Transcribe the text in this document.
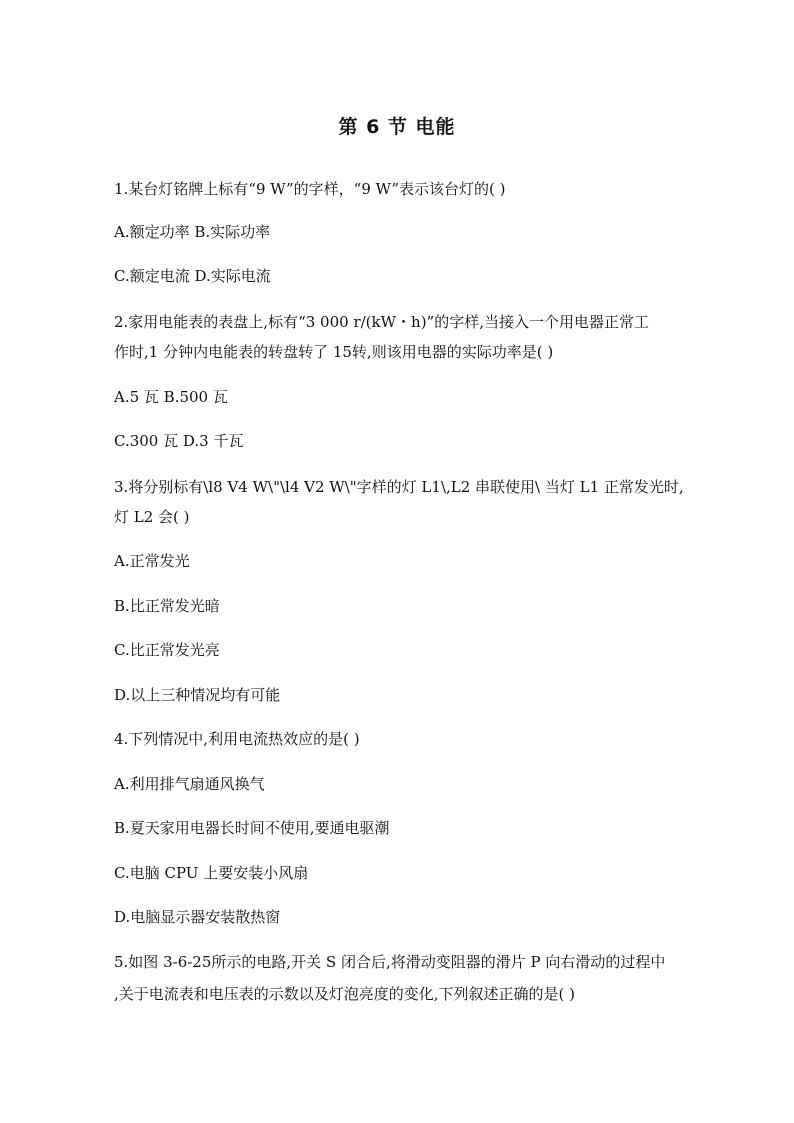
第 6 节 电能
1.某台灯铭牌上标有“9 W”的字样，“9 W”表示该台灯的( )
A.额定功率 B.实际功率
C.额定电流 D.实际电流
2.家用电能表的表盘上,标有“3 000 r/(kW・h)”的字样,当接入一个用电器正常工
作时,1 分钟内电能表的转盘转了 15转,则该用电器的实际功率是( )
A.5 瓦 B.500 瓦
C.300 瓦 D.3 千瓦
3.将分别标有\l8 V4 W\"\l4 V2 W\"字样的灯 L1\,L2 串联使用\ 当灯 L1 正常发光时,
灯 L2 会( )
A.正常发光
B.比正常发光暗
C.比正常发光亮
D.以上三种情况均有可能
4.下列情况中,利用电流热效应的是( )
A.利用排气扇通风换气
B.夏天家用电器长时间不使用,要通电驱潮
C.电脑 CPU 上要安装小风扇
D.电脑显示器安装散热窗
5.如图 3-6-25所示的电路,开关 S 闭合后,将滑动变阻器的滑片 P 向右滑动的过程中
,关于电流表和电压表的示数以及灯泡亮度的变化,下列叙述正确的是( )
